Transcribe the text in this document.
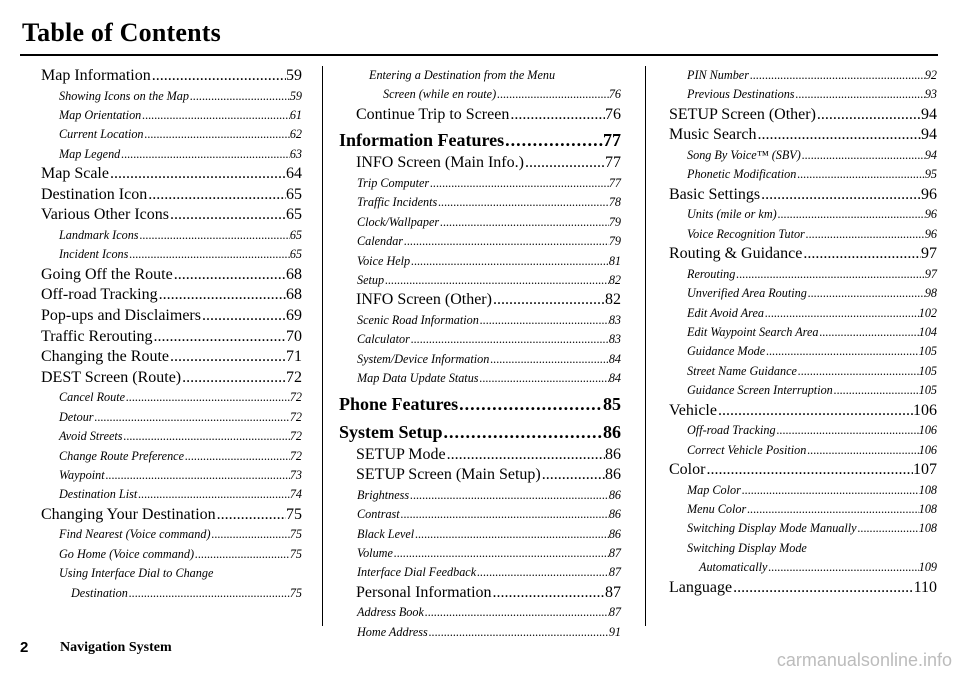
Table of Contents
Map Information .....	59
Showing Icons on the Map .....	59
Map Orientation .....	61
Current Location .....	62
Map Legend .....	63
Map Scale .....	64
Destination Icon .....	65
Various Other Icons .....	65
Landmark Icons .....	65
Incident Icons .....	65
Going Off the Route .....	68
Off-road Tracking .....	68
Pop-ups and Disclaimers .....	69
Traffic Rerouting .....	70
Changing the Route .....	71
DEST Screen (Route) .....	72
Cancel Route .....	72
Detour .....	72
Avoid Streets .....	72
Change Route Preference .....	72
Waypoint .....	73
Destination List .....	74
Changing Your Destination .....	75
Find Nearest (Voice command) .....	75
Go Home (Voice command) .....	75
Using Interface Dial to Change
Destination .....	75
Entering a Destination from the Menu
Screen (while en route) .....	76
Continue Trip to Screen .....	76
Information Features .....	77
INFO Screen (Main Info.) .....	77
Trip Computer .....	77
Traffic Incidents .....	78
Clock/Wallpaper .....	79
Calendar .....	79
Voice Help .....	81
Setup .....	82
INFO Screen (Other) .....	82
Scenic Road Information .....	83
Calculator .....	83
System/Device Information .....	84
Map Data Update Status .....	84
Phone Features .....	85
System Setup .....	86
SETUP Mode .....	86
SETUP Screen (Main Setup) .....	86
Brightness .....	86
Contrast .....	86
Black Level .....	86
Volume .....	87
Interface Dial Feedback .....	87
Personal Information .....	87
Address Book .....	87
Home Address .....	91
PIN Number .....	92
Previous Destinations .....	93
SETUP Screen (Other) .....	94
Music Search .....	94
Song By Voice™ (SBV) .....	94
Phonetic Modification .....	95
Basic Settings .....	96
Units (mile or km) .....	96
Voice Recognition Tutor .....	96
Routing & Guidance .....	97
Rerouting .....	97
Unverified Area Routing .....	98
Edit Avoid Area .....	102
Edit Waypoint Search Area .....	104
Guidance Mode .....	105
Street Name Guidance .....	105
Guidance Screen Interruption .....	105
Vehicle .....	106
Off-road Tracking .....	106
Correct Vehicle Position .....	106
Color .....	107
Map Color .....	108
Menu Color .....	108
Switching Display Mode Manually .....	108
Switching Display Mode
Automatically .....	109
Language .....	110
2 Navigation System
carmanualsonline.info
